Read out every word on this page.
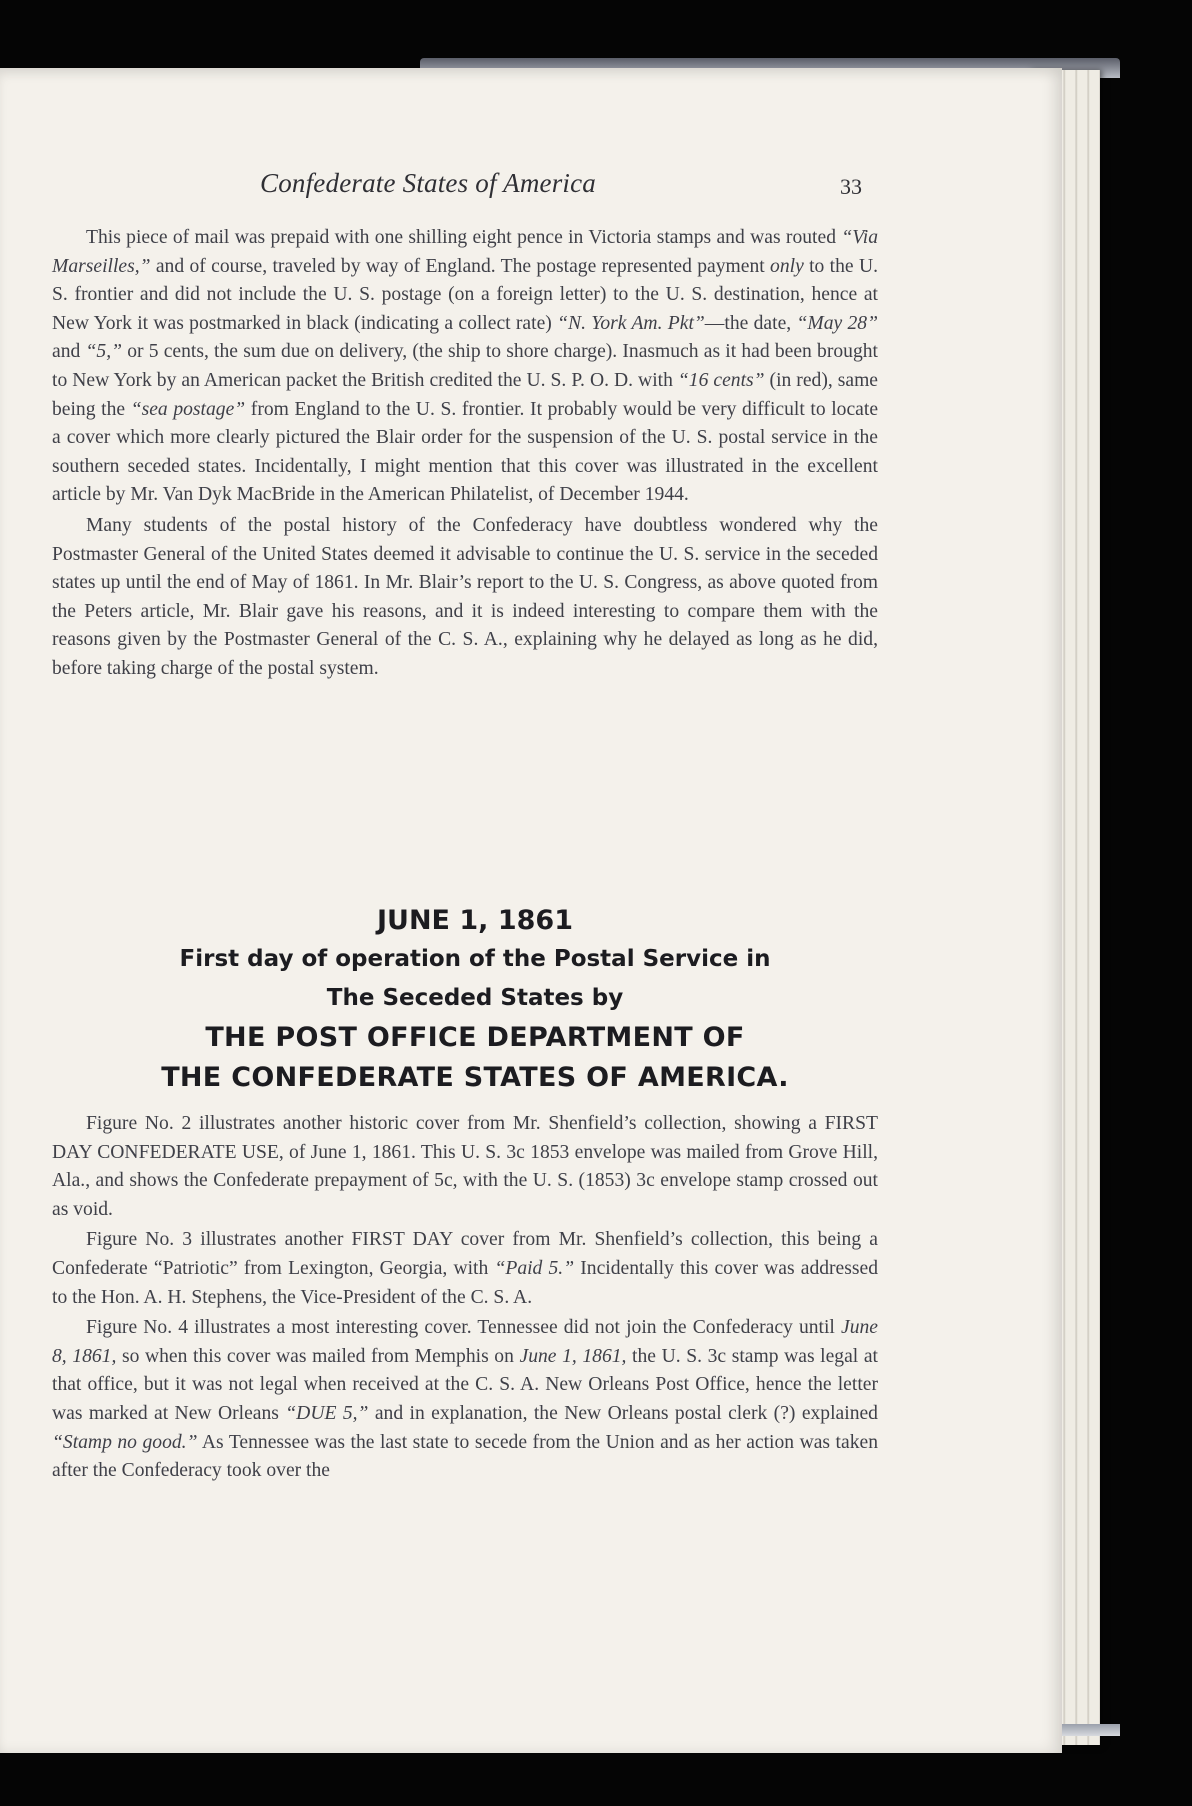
Confederate States of America	33

This piece of mail was prepaid with one shilling eight pence in Victoria stamps and was routed “Via Marseilles,” and of course, traveled by way of England. The postage represented payment only to the U. S. frontier and did not include the U. S. postage (on a foreign letter) to the U. S. destination, hence at New York it was postmarked in black (indicating a collect rate) “N. York Am. Pkt”—the date, “May 28” and “5,” or 5 cents, the sum due on delivery, (the ship to shore charge). Inasmuch as it had been brought to New York by an American packet the British credited the U. S. P. O. D. with “16 cents” (in red), same being the “sea postage” from England to the U. S. frontier. It probably would be very difficult to locate a cover which more clearly pictured the Blair order for the suspension of the U. S. postal service in the southern seceded states. Incidentally, I might mention that this cover was illustrated in the excellent article by Mr. Van Dyk MacBride in the American Philatelist, of December 1944.

Many students of the postal history of the Confederacy have doubtless wondered why the Postmaster General of the United States deemed it advisable to continue the U. S. service in the seceded states up until the end of May of 1861. In Mr. Blair’s report to the U. S. Congress, as above quoted from the Peters article, Mr. Blair gave his reasons, and it is indeed interesting to compare them with the reasons given by the Postmaster General of the C. S. A., explaining why he delayed as long as he did, before taking charge of the postal system.

JUNE 1, 1861
First day of operation of the Postal Service in
The Seceded States by
THE POST OFFICE DEPARTMENT OF
THE CONFEDERATE STATES OF AMERICA.

Figure No. 2 illustrates another historic cover from Mr. Shenfield’s collection, showing a FIRST DAY CONFEDERATE USE, of June 1, 1861. This U. S. 3c 1853 envelope was mailed from Grove Hill, Ala., and shows the Confederate prepayment of 5c, with the U. S. (1853) 3c envelope stamp crossed out as void.

Figure No. 3 illustrates another FIRST DAY cover from Mr. Shenfield’s collection, this being a Confederate “Patriotic” from Lexington, Georgia, with “Paid 5.” Incidentally this cover was addressed to the Hon. A. H. Stephens, the Vice-President of the C. S. A.

Figure No. 4 illustrates a most interesting cover. Tennessee did not join the Confederacy until June 8, 1861, so when this cover was mailed from Memphis on June 1, 1861, the U. S. 3c stamp was legal at that office, but it was not legal when received at the C. S. A. New Orleans Post Office, hence the letter was marked at New Orleans “DUE 5,” and in explanation, the New Orleans postal clerk (?) explained “Stamp no good.” As Tennessee was the last state to secede from the Union and as her action was taken after the Confederacy took over the
